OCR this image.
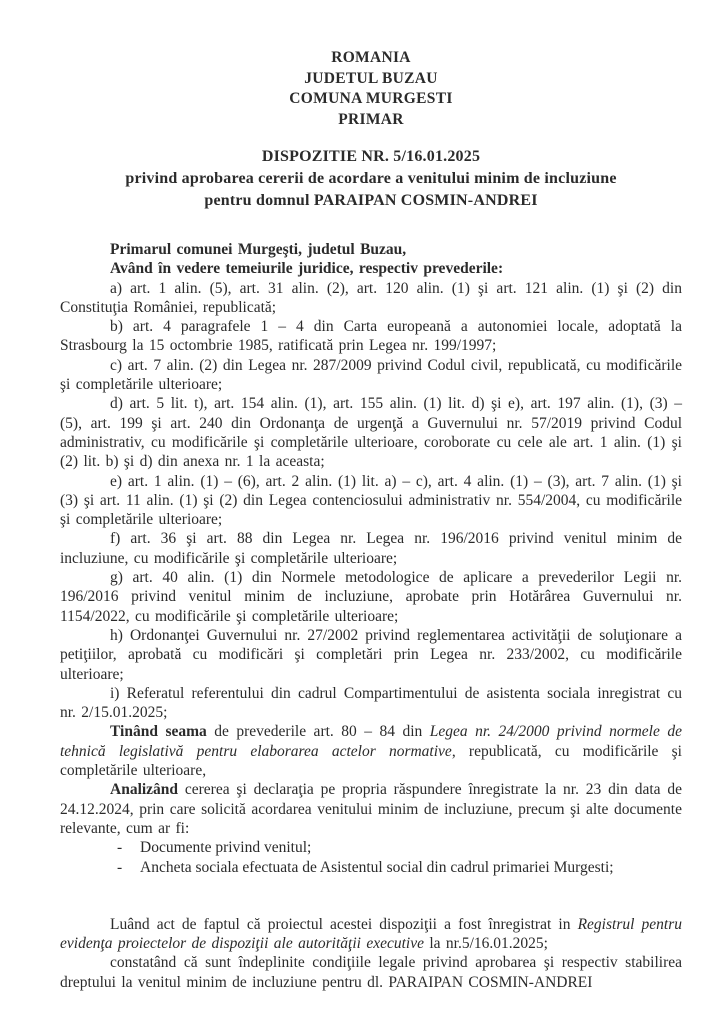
ROMANIA
JUDETUL BUZAU
COMUNA MURGESTI
PRIMAR
DISPOZITIE NR. 5/16.01.2025
privind aprobarea cererii de acordare a venitului minim de incluziune
pentru domnul PARAIPAN COSMIN-ANDREI

Primarul comunei Murgeşti, judetul Buzau,

Având în vedere temeiurile juridice, respectiv prevederile:

a) art. 1 alin. (5), art. 31 alin. (2), art. 120 alin. (1) şi art. 121 alin. (1) şi (2) din Constituţia României, republicată;

b) art. 4 paragrafele 1 – 4 din Carta europeană a autonomiei locale, adoptată la Strasbourg la 15 octombrie 1985, ratificată prin Legea nr. 199/1997;

c) art. 7 alin. (2) din Legea nr. 287/2009 privind Codul civil, republicată, cu modificările şi completările ulterioare;

d) art. 5 lit. t), art. 154 alin. (1), art. 155 alin. (1) lit. d) şi e), art. 197 alin. (1), (3) – (5), art. 199 şi art. 240 din Ordonanţa de urgenţă a Guvernului nr. 57/2019 privind Codul administrativ, cu modificările şi completările ulterioare, coroborate cu cele ale art. 1 alin. (1) şi (2) lit. b) şi d) din anexa nr. 1 la aceasta;

e) art. 1 alin. (1) – (6), art. 2 alin. (1) lit. a) – c), art. 4 alin. (1) – (3), art. 7 alin. (1) şi (3) şi art. 11 alin. (1) şi (2) din Legea contenciosului administrativ nr. 554/2004, cu modificările şi completările ulterioare;

f) art. 36 şi art. 88 din Legea nr. Legea nr. 196/2016 privind venitul minim de incluziune, cu modificările şi completările ulterioare;

g) art. 40 alin. (1) din Normele metodologice de aplicare a prevederilor Legii nr. 196/2016 privind venitul minim de incluziune, aprobate prin Hotărârea Guvernului nr. 1154/2022, cu modificările şi completările ulterioare;

h) Ordonanţei Guvernului nr. 27/2002 privind reglementarea activităţii de soluţionare a petiţiilor, aprobată cu modificări şi completări prin Legea nr. 233/2002, cu modificările ulterioare;

i) Referatul referentului din cadrul Compartimentului de asistenta sociala inregistrat cu nr. 2/15.01.2025;

Tinând seama de prevederile art. 80 – 84 din Legea nr. 24/2000 privind normele de tehnică legislativă pentru elaborarea actelor normative, republicată, cu modificările şi completările ulterioare,

Analizând cererea şi declaraţia pe propria răspundere înregistrate la nr. 23 din data de 24.12.2024, prin care solicită acordarea venitului minim de incluziune, precum şi alte documente relevante, cum ar fi:

- Documente privind venitul;

- Ancheta sociala efectuata de Asistentul social din cadrul primariei Murgesti;

Luând act de faptul că proiectul acestei dispoziţii a fost înregistrat in Registrul pentru evidenţa proiectelor de dispoziţii ale autorităţii executive la nr.5/16.01.2025;

constatând că sunt îndeplinite condiţiile legale privind aprobarea şi respectiv stabilirea dreptului la venitul minim de incluziune pentru dl. PARAIPAN COSMIN-ANDREI
